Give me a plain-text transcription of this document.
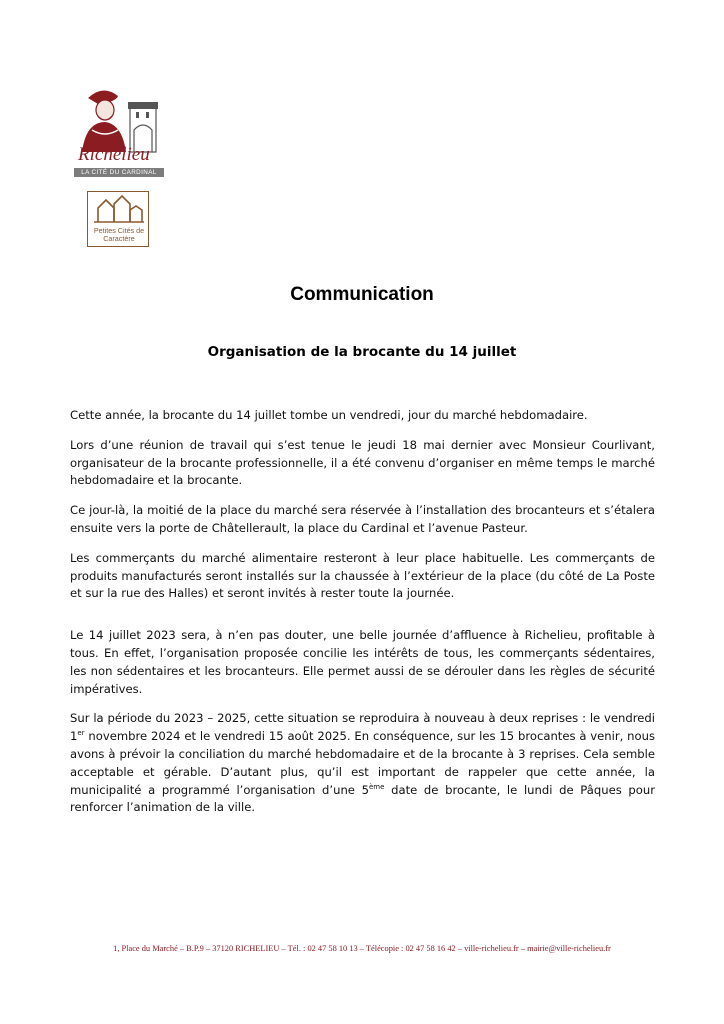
Richelieu
LA CITÉ DU CARDINAL
Petites Cités de Caractère
Communication
Organisation de la brocante du 14 juillet

Cette année, la brocante du 14 juillet tombe un vendredi, jour du marché hebdomadaire.

Lors d’une réunion de travail qui s’est tenue le jeudi 18 mai dernier avec Monsieur Courlivant, organisateur de la brocante professionnelle, il a été convenu d’organiser en même temps le marché hebdomadaire et la brocante.

Ce jour-là, la moitié de la place du marché sera réservée à l’installation des brocanteurs et s’étalera ensuite vers la porte de Châtellerault, la place du Cardinal et l’avenue Pasteur.

Les commerçants du marché alimentaire resteront à leur place habituelle. Les commerçants de produits manufacturés seront installés sur la chaussée à l’extérieur de la place (du côté de La Poste et sur la rue des Halles) et seront invités à rester toute la journée.

Le 14 juillet 2023 sera, à n’en pas douter, une belle journée d’affluence à Richelieu, profitable à tous. En effet, l’organisation proposée concilie les intérêts de tous, les commerçants sédentaires, les non sédentaires et les brocanteurs. Elle permet aussi de se dérouler dans les règles de sécurité impératives.

Sur la période du 2023 – 2025, cette situation se reproduira à nouveau à deux reprises : le vendredi 1er novembre 2024 et le vendredi 15 août 2025. En conséquence, sur les 15 brocantes à venir, nous avons à prévoir la conciliation du marché hebdomadaire et de la brocante à 3 reprises. Cela semble acceptable et gérable. D’autant plus, qu’il est important de rappeler que cette année, la municipalité a programmé l’organisation d’une 5ème date de brocante, le lundi de Pâques pour renforcer l’animation de la ville.

1, Place du Marché – B.P.9 – 37120 RICHELIEU – Tél. : 02 47 58 10 13 – Télécopie : 02 47 58 16 42 – ville-richelieu.fr – mairie@ville-richelieu.fr
